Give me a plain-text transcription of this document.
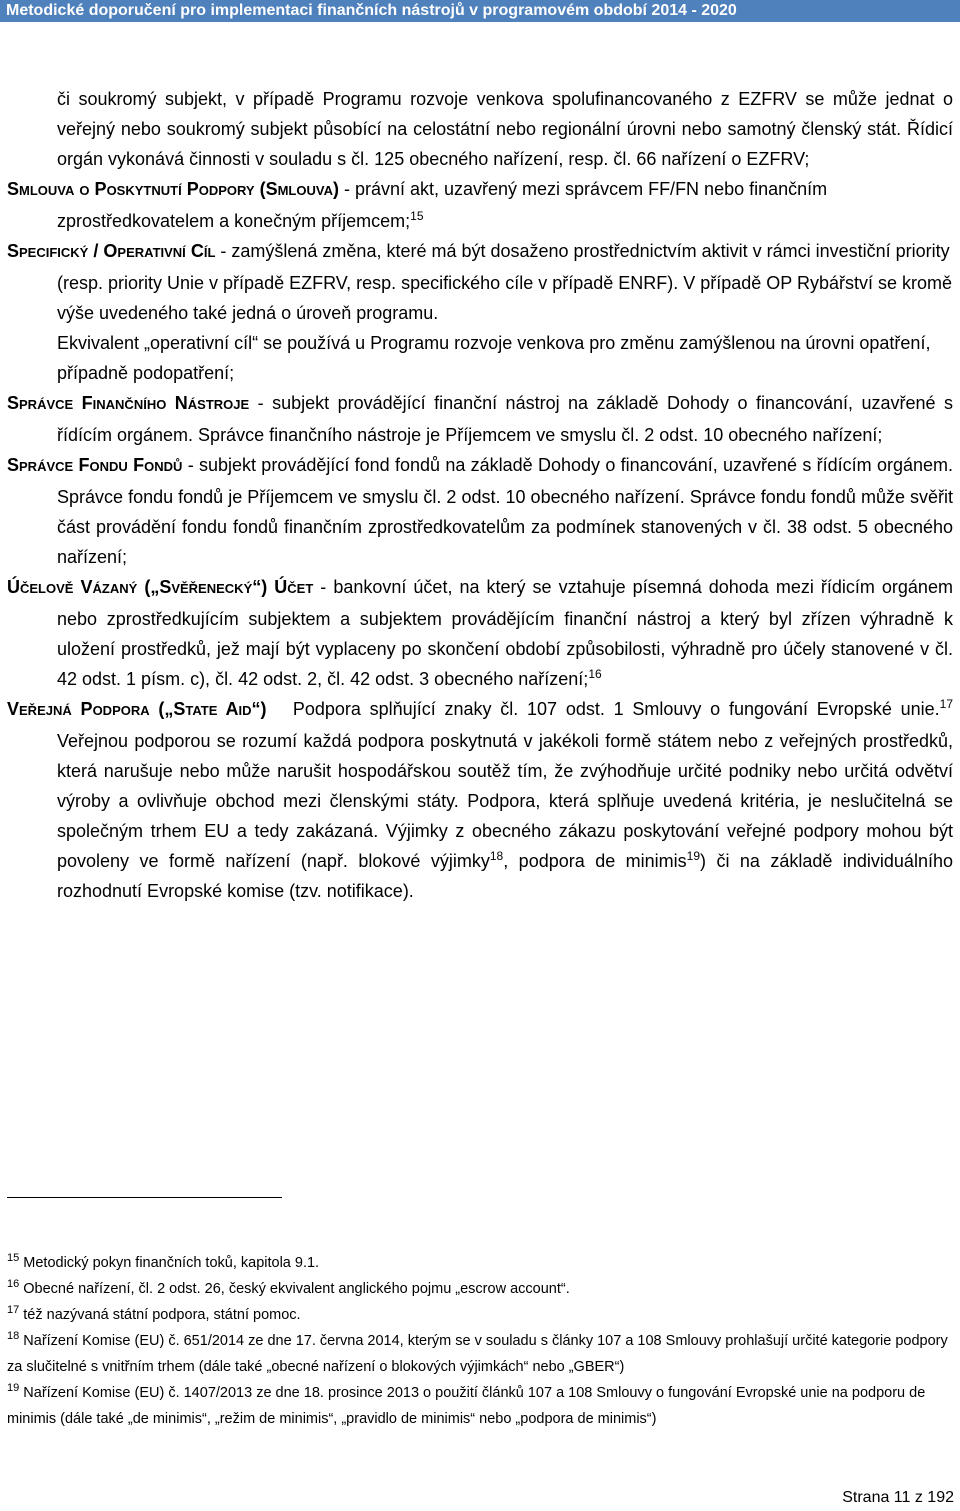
Metodické doporučení pro implementaci finančních nástrojů v programovém období 2014 - 2020

či soukromý subjekt, v případě Programu rozvoje venkova spolufinancovaného z EZFRV se může jednat o veřejný nebo soukromý subjekt působící na celostátní nebo regionální úrovni nebo samotný členský stát. Řídicí orgán vykonává činnosti v souladu s čl. 125 obecného nařízení, resp. čl. 66 nařízení o EZFRV;

SMLOUVA O POSKYTNUTÍ PODPORY (SMLOUVA) - právní akt, uzavřený mezi správcem FF/FN nebo finančním zprostředkovatelem a konečným příjemcem;$^{15}$

SPECIFICKÝ / OPERATIVNÍ CÍL - zamýšlená změna, které má být dosaženo prostřednictvím aktivit v rámci investiční priority (resp. priority Unie v případě EZFRV, resp. specifického cíle v případě ENRF). V případě OP Rybářství se kromě výše uvedeného také jedná o úroveň programu.
Ekvivalent „operativní cíl“ se používá u Programu rozvoje venkova pro změnu zamýšlenou na úrovni opatření, případně podopatření;

SPRÁVCE FINANČNÍHO NÁSTROJE - subjekt provádějící finanční nástroj na základě Dohody o financování, uzavřené s řídícím orgánem. Správce finančního nástroje je Příjemcem ve smyslu čl. 2 odst. 10 obecného nařízení;

SPRÁVCE FONDU FONDŮ - subjekt provádějící fond fondů na základě Dohody o financování, uzavřené s řídícím orgánem. Správce fondu fondů je Příjemcem ve smyslu čl. 2 odst. 10 obecného nařízení. Správce fondu fondů může svěřit část provádění fondu fondů finančním zprostředkovatelům za podmínek stanovených v čl. 38 odst. 5 obecného nařízení;

ÚČELOVĚ VÁZANÝ („SVĚŘENECKÝ“) ÚČET - bankovní účet, na který se vztahuje písemná dohoda mezi řídicím orgánem nebo zprostředkujícím subjektem a subjektem provádějícím finanční nástroj a který byl zřízen výhradně k uložení prostředků, jež mají být vyplaceny po skončení období způsobilosti, výhradně pro účely stanovené v čl. 42 odst. 1 písm. c), čl. 42 odst. 2, čl. 42 odst. 3 obecného nařízení;$^{16}$

VEŘEJNÁ PODPORA („STATE AID“)   Podpora splňující znaky čl. 107 odst. 1 Smlouvy o fungování Evropské unie.$^{17}$ Veřejnou podporou se rozumí každá podpora poskytnutá v jakékoli formě státem nebo z veřejných prostředků, která narušuje nebo může narušit hospodářskou soutěž tím, že zvýhodňuje určité podniky nebo určitá odvětví výroby a ovlivňuje obchod mezi členskými státy. Podpora, která splňuje uvedená kritéria, je neslučitelná se společným trhem EU a tedy zakázaná. Výjimky z obecného zákazu poskytování veřejné podpory mohou být povoleny ve formě nařízení (např. blokové výjimky$^{18}$, podpora de minimis$^{19}$) či na základě individuálního rozhodnutí Evropské komise (tzv. notifikace).

$^{15}$ Metodický pokyn finančních toků, kapitola 9.1.

$^{16}$ Obecné nařízení, čl. 2 odst. 26, český ekvivalent anglického pojmu „escrow account“.

$^{17}$ též nazývaná státní podpora, státní pomoc.

$^{18}$ Nařízení Komise (EU) č. 651/2014 ze dne 17. června 2014, kterým se v souladu s články 107 a 108 Smlouvy prohlašují určité kategorie podpory za slučitelné s vnitřním trhem (dále také „obecné nařízení o blokových výjimkách“ nebo „GBER“)

$^{19}$ Nařízení Komise (EU) č. 1407/2013 ze dne 18. prosince 2013 o použití článků 107 a 108 Smlouvy o fungování Evropské unie na podporu de minimis (dále také „de minimis“, „režim de minimis“, „pravidlo de minimis“ nebo „podpora de minimis“)

Strana 11 z 192
